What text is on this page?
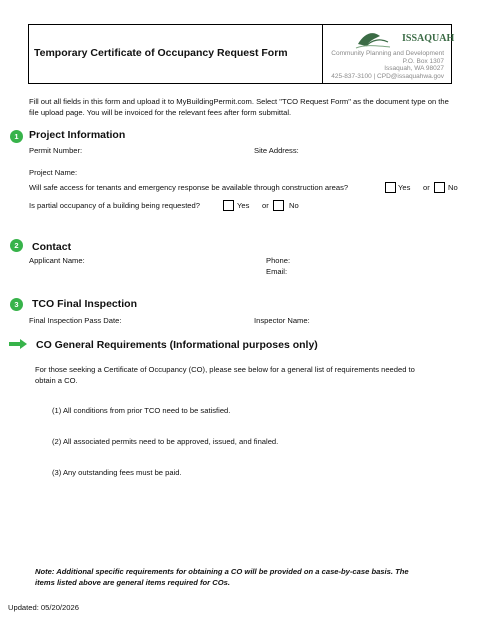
Temporary Certificate of Occupancy Request Form
ISSAQUAH
Community Planning and Development
P.O. Box 1307
Issaquah, WA 98027
425-837-3100 | CPD@issaquahwa.gov
Fill out all fields in this form and upload it to MyBuildingPermit.com. Select "TCO Request Form" as the document type on the file upload page. You will be invoiced for the relevant fees after form submittal.
1 Project Information
Permit Number:	Site Address:
Project Name:
Will safe access for tenants and emergency response be available through construction areas?	Yes or No
Is partial occupancy of a building being requested?	Yes or	No
2	Contact
Applicant Name:	Phone:
Email:
3	TCO Final Inspection
Final Inspection Pass Date:	Inspector Name:
CO General Requirements (Informational purposes only)
For those seeking a Certificate of Occupancy (CO), please see below for a general list of requirements needed to obtain a CO.
(1) All conditions from prior TCO need to be satisfied.
(2) All associated permits need to be approved, issued, and finaled.
(3) Any outstanding fees must be paid.
Note: Additional specific requirements for obtaining a CO will be provided on a case-by-case basis. The items listed above are general items required for COs.
Updated: 05/20/2026
